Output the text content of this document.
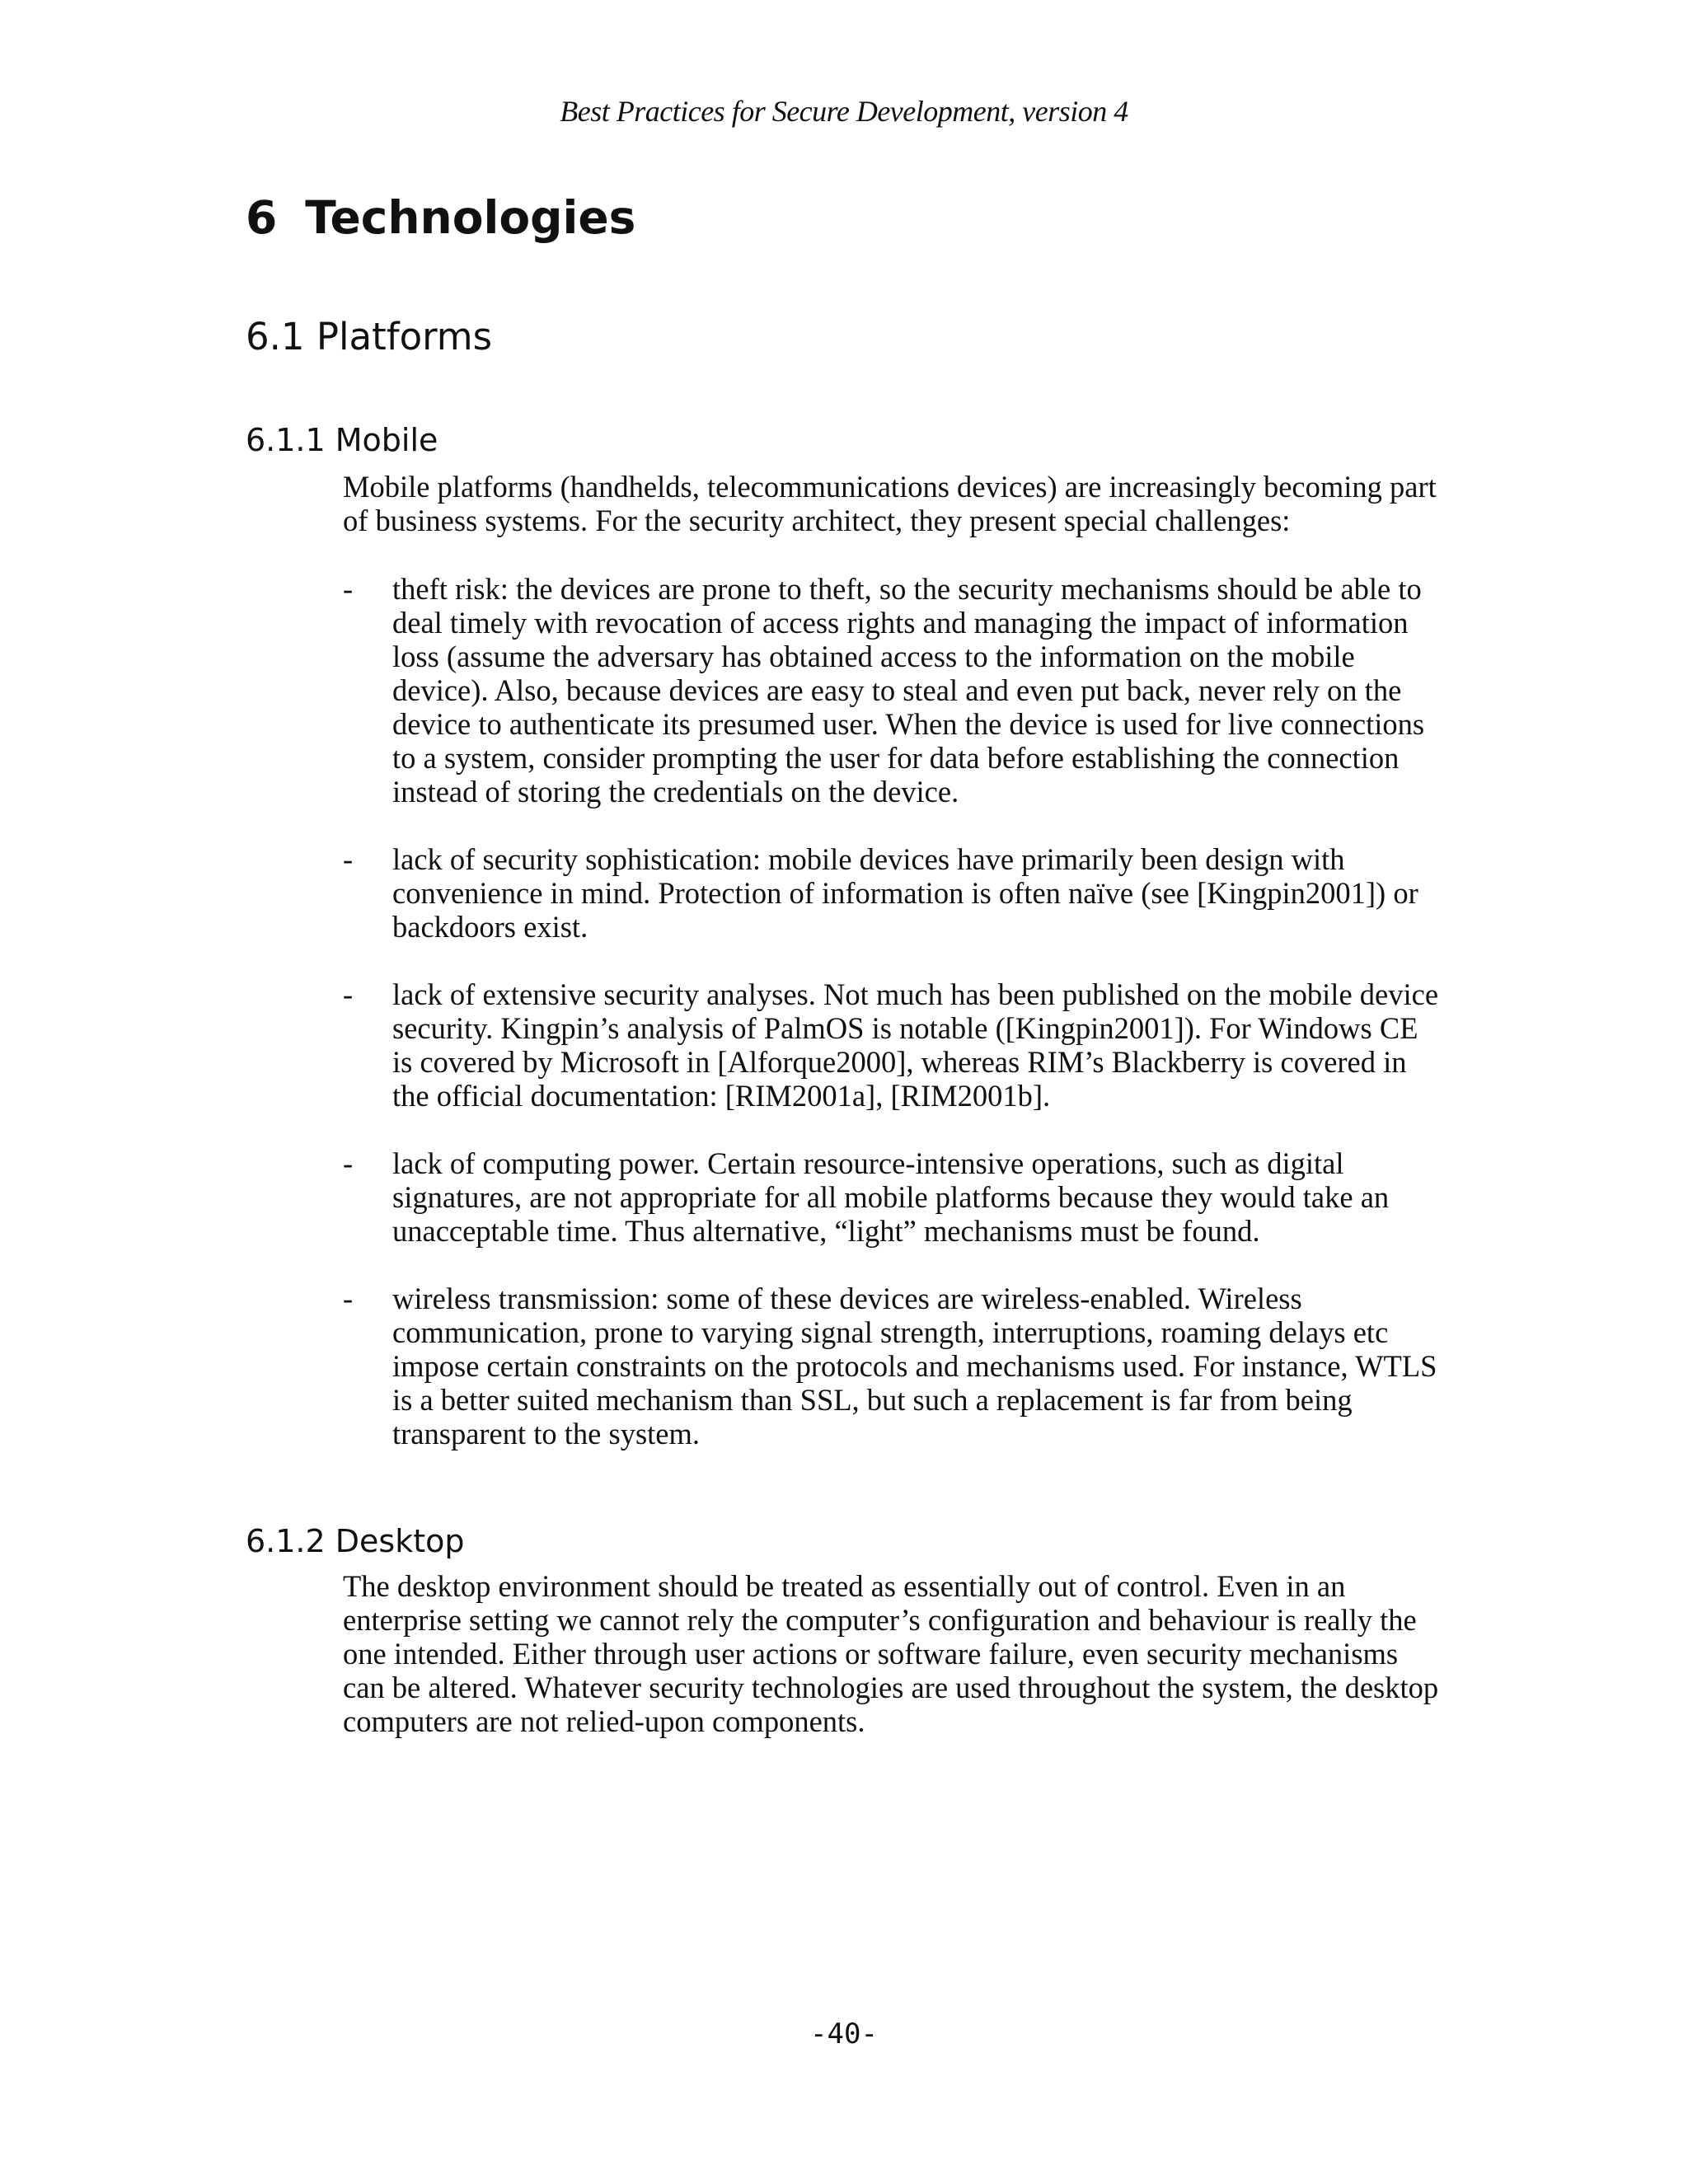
Best Practices for Secure Development, version 4
6 Technologies
6.1 Platforms
6.1.1 Mobile

Mobile platforms (handhelds, telecommunications devices) are increasingly becoming part of business systems. For the security architect, they present special challenges:

- theft risk: the devices are prone to theft, so the security mechanisms should be able to deal timely with revocation of access rights and managing the impact of information loss (assume the adversary has obtained access to the information on the mobile device). Also, because devices are easy to steal and even put back, never rely on the device to authenticate its presumed user. When the device is used for live connections to a system, consider prompting the user for data before establishing the connection instead of storing the credentials on the device.
- lack of security sophistication: mobile devices have primarily been design with convenience in mind. Protection of information is often naïve (see [Kingpin2001]) or backdoors exist.
- lack of extensive security analyses. Not much has been published on the mobile device security. Kingpin’s analysis of PalmOS is notable ([Kingpin2001]). For Windows CE is covered by Microsoft in [Alforque2000], whereas RIM’s Blackberry is covered in the official documentation: [RIM2001a], [RIM2001b].
- lack of computing power. Certain resource-intensive operations, such as digital signatures, are not appropriate for all mobile platforms because they would take an unacceptable time. Thus alternative, “light” mechanisms must be found.
- wireless transmission: some of these devices are wireless-enabled. Wireless communication, prone to varying signal strength, interruptions, roaming delays etc impose certain constraints on the protocols and mechanisms used. For instance, WTLS is a better suited mechanism than SSL, but such a replacement is far from being transparent to the system.
6.1.2 Desktop

The desktop environment should be treated as essentially out of control. Even in an enterprise setting we cannot rely the computer’s configuration and behaviour is really the one intended. Either through user actions or software failure, even security mechanisms can be altered. Whatever security technologies are used throughout the system, the desktop computers are not relied-upon components.

-40-
